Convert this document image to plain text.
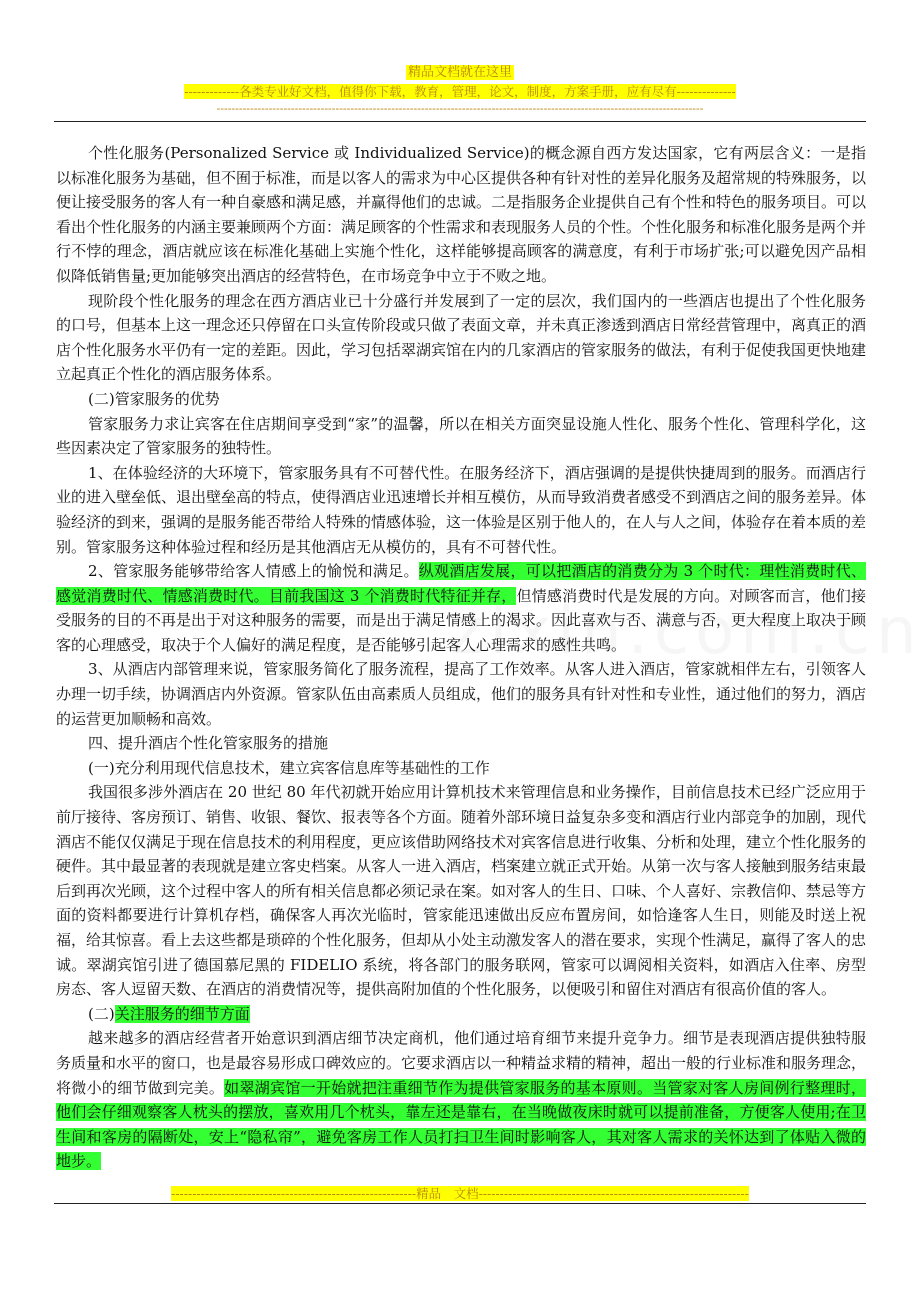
精品文档就在这里
-------------各类专业好文档，值得你下载，教育，管理，论文，制度，方案手册，应有尽有--------------
-----------------------------------------------------------------------------------------------------------------------------------

个性化服务(Personalized Service 或 Individualized Service)的概念源自西方发达国家，它有两层含义：一是指以标准化服务为基础，但不囿于标准，而是以客人的需求为中心区提供各种有针对性的差异化服务及超常规的特殊服务，以便让接受服务的客人有一种自豪感和满足感，并赢得他们的忠诚。二是指服务企业提供自己有个性和特色的服务项目。可以看出个性化服务的内涵主要兼顾两个方面：满足顾客的个性需求和表现服务人员的个性。个性化服务和标准化服务是两个并行不悖的理念，酒店就应该在标准化基础上实施个性化，这样能够提高顾客的满意度，有利于市场扩张;可以避免因产品相似降低销售量;更加能够突出酒店的经营特色，在市场竞争中立于不败之地。

现阶段个性化服务的理念在西方酒店业已十分盛行并发展到了一定的层次，我们国内的一些酒店也提出了个性化服务的口号，但基本上这一理念还只停留在口头宣传阶段或只做了表面文章，并未真正渗透到酒店日常经营管理中，离真正的酒店个性化服务水平仍有一定的差距。因此，学习包括翠湖宾馆在内的几家酒店的管家服务的做法，有利于促使我国更快地建立起真正个性化的酒店服务体系。

(二)管家服务的优势

管家服务力求让宾客在住店期间享受到“家”的温馨，所以在相关方面突显设施人性化、服务个性化、管理科学化，这些因素决定了管家服务的独特性。

1、在体验经济的大环境下，管家服务具有不可替代性。在服务经济下，酒店强调的是提供快捷周到的服务。而酒店行业的进入壁垒低、退出壁垒高的特点，使得酒店业迅速增长并相互模仿，从而导致消费者感受不到酒店之间的服务差异。体验经济的到来，强调的是服务能否带给人特殊的情感体验，这一体验是区别于他人的，在人与人之间，体验存在着本质的差别。管家服务这种体验过程和经历是其他酒店无从模仿的，具有不可替代性。

2、管家服务能够带给客人情感上的愉悦和满足。纵观酒店发展，可以把酒店的消费分为 3 个时代：理性消费时代、感觉消费时代、情感消费时代。目前我国这 3 个消费时代特征并存，但情感消费时代是发展的方向。对顾客而言，他们接受服务的目的不再是出于对这种服务的需要，而是出于满足情感上的渴求。因此喜欢与否、满意与否，更大程度上取决于顾客的心理感受，取决于个人偏好的满足程度，是否能够引起客人心理需求的感性共鸣。

3、从酒店内部管理来说，管家服务简化了服务流程，提高了工作效率。从客人进入酒店，管家就相伴左右，引领客人办理一切手续，协调酒店内外资源。管家队伍由高素质人员组成，他们的服务具有针对性和专业性，通过他们的努力，酒店的运营更加顺畅和高效。

四、提升酒店个性化管家服务的措施

(一)充分利用现代信息技术，建立宾客信息库等基础性的工作

我国很多涉外酒店在 20 世纪 80 年代初就开始应用计算机技术来管理信息和业务操作，目前信息技术已经广泛应用于前厅接待、客房预订、销售、收银、餐饮、报表等各个方面。随着外部环境日益复杂多变和酒店行业内部竞争的加剧，现代酒店不能仅仅满足于现在信息技术的利用程度，更应该借助网络技术对宾客信息进行收集、分析和处理，建立个性化服务的硬件。其中最显著的表现就是建立客史档案。从客人一进入酒店，档案建立就正式开始。从第一次与客人接触到服务结束最后到再次光顾，这个过程中客人的所有相关信息都必须记录在案。如对客人的生日、口味、个人喜好、宗教信仰、禁忌等方面的资料都要进行计算机存档，确保客人再次光临时，管家能迅速做出反应布置房间，如恰逢客人生日，则能及时送上祝福，给其惊喜。看上去这些都是琐碎的个性化服务，但却从小处主动激发客人的潜在要求，实现个性满足，赢得了客人的忠诚。翠湖宾馆引进了德国慕尼黑的 FIDELIO 系统，将各部门的服务联网，管家可以调阅相关资料，如酒店入住率、房型房态、客人逗留天数、在酒店的消费情况等，提供高附加值的个性化服务，以便吸引和留住对酒店有很高价值的客人。

(二)关注服务的细节方面

越来越多的酒店经营者开始意识到酒店细节决定商机，他们通过培育细节来提升竞争力。细节是表现酒店提供独特服务质量和水平的窗口，也是最容易形成口碑效应的。它要求酒店以一种精益求精的精神，超出一般的行业标准和服务理念，将微小的细节做到完美。如翠湖宾馆一开始就把注重细节作为提供管家服务的基本原则。当管家对客人房间例行整理时，他们会仔细观察客人枕头的摆放，喜欢用几个枕头，靠左还是靠右，在当晚做夜床时就可以提前准备，方便客人使用;在卫生间和客房的隔断处，安上“隐私帘”，避免客房工作人员打扫卫生间时影响客人，其对客人需求的关怀达到了体贴入微的地步。

----------------------------------------------------------精品　文档----------------------------------------------------------------
